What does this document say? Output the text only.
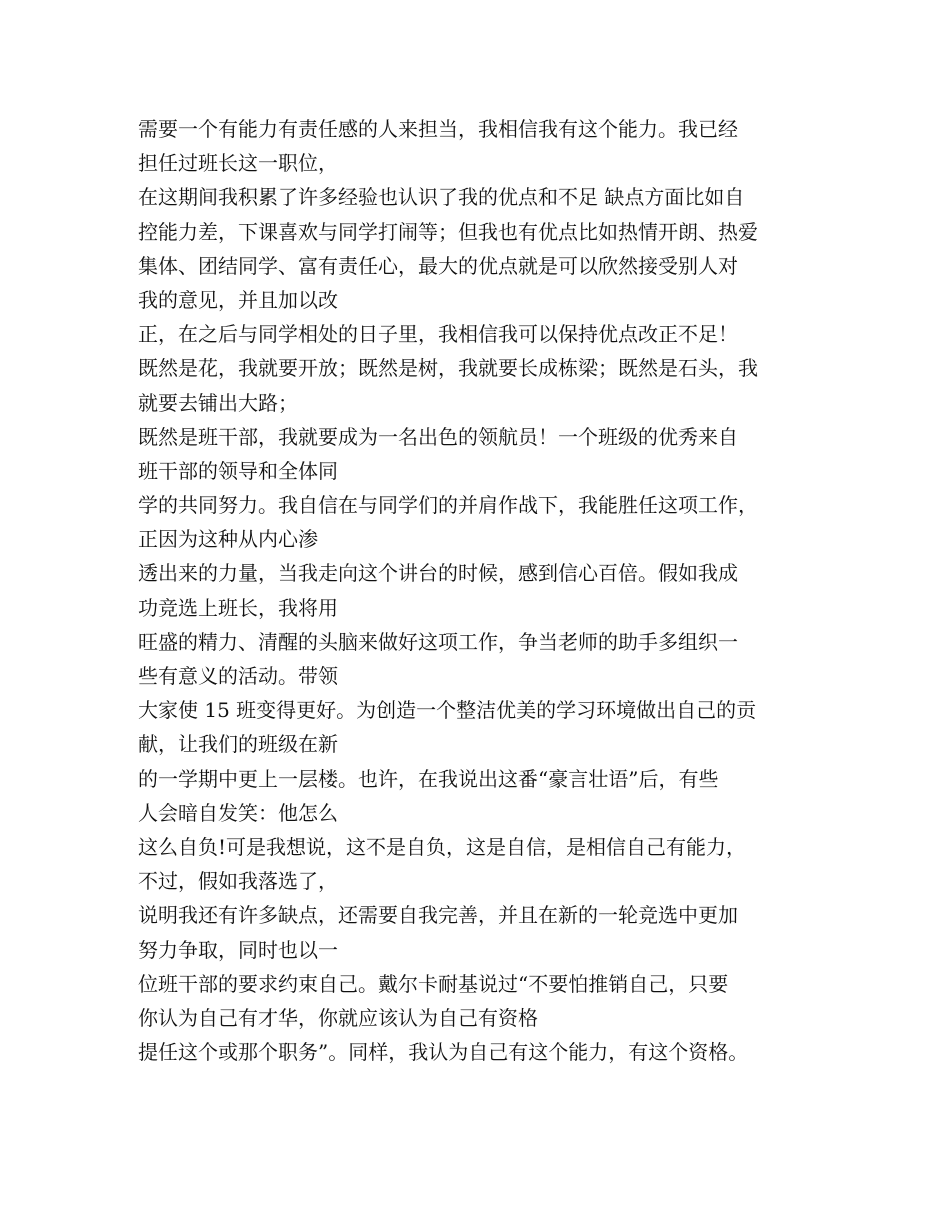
需要一个有能力有责任感的人来担当，我相信我有这个能力。我已经
担任过班长这一职位，
在这期间我积累了许多经验也认识了我的优点和不足 缺点方面比如自
控能力差，下课喜欢与同学打闹等；但我也有优点比如热情开朗、热爱
集体、团结同学、富有责任心，最大的优点就是可以欣然接受别人对
我的意见，并且加以改
正，在之后与同学相处的日子里，我相信我可以保持优点改正不足！
既然是花，我就要开放；既然是树，我就要长成栋梁；既然是石头，我
就要去铺出大路；
既然是班干部，我就要成为一名出色的领航员！一个班级的优秀来自
班干部的领导和全体同
学的共同努力。我自信在与同学们的并肩作战下，我能胜任这项工作，
正因为这种从内心渗
透出来的力量，当我走向这个讲台的时候，感到信心百倍。假如我成
功竞选上班长，我将用
旺盛的精力、清醒的头脑来做好这项工作，争当老师的助手多组织一
些有意义的活动。带领
大家使 15 班变得更好。为创造一个整洁优美的学习环境做出自己的贡
献，让我们的班级在新
的一学期中更上一层楼。也许，在我说出这番“豪言壮语”后，有些
人会暗自发笑：他怎么
这么自负!可是我想说，这不是自负，这是自信，是相信自己有能力，
不过，假如我落选了，
说明我还有许多缺点，还需要自我完善，并且在新的一轮竞选中更加
努力争取，同时也以一
位班干部的要求约束自己。戴尔卡耐基说过“不要怕推销自己，只要
你认为自己有才华，你就应该认为自己有资格
提任这个或那个职务”。同样，我认为自己有这个能力，有这个资格。
